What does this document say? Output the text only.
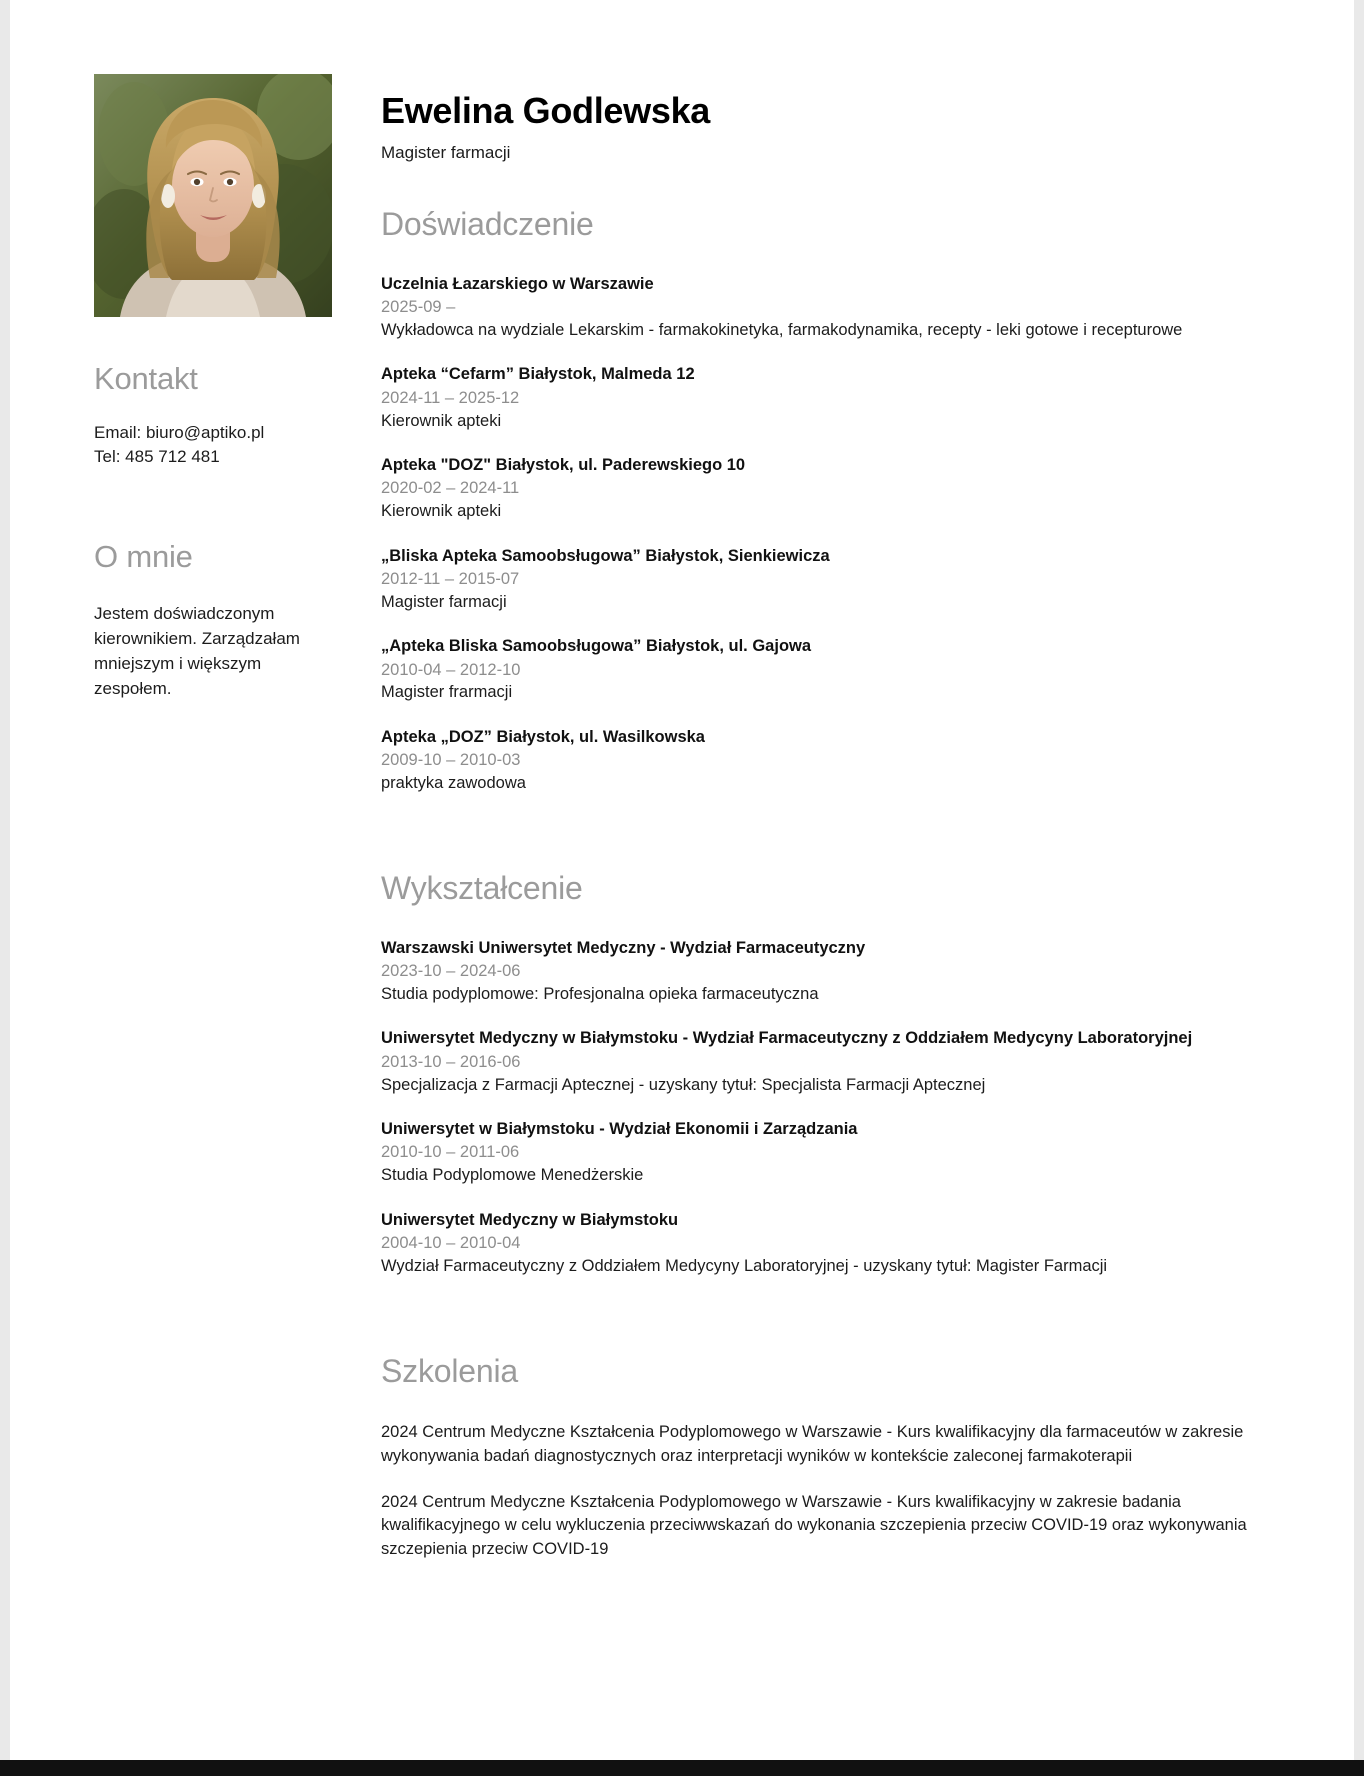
Kontakt
Email: biuro@aptiko.pl
Tel: 485 712 481
O mnie

Jestem doświadczonym kierownikiem. Zarządzałam mniejszym i większym zespołem.

Ewelina Godlewska
Magister farmacji
Doświadczenie
Uczelnia Łazarskiego w Warszawie
2025-09 –
Wykładowca na wydziale Lekarskim - farmakokinetyka, farmakodynamika, recepty - leki gotowe i recepturowe
Apteka “Cefarm” Białystok, Malmeda 12
2024-11 – 2025-12
Kierownik apteki
Apteka "DOZ" Białystok, ul. Paderewskiego 10
2020-02 – 2024-11
Kierownik apteki
„Bliska Apteka Samoobsługowa” Białystok, Sienkiewicza
2012-11 – 2015-07
Magister farmacji
„Apteka Bliska Samoobsługowa” Białystok, ul. Gajowa
2010-04 – 2012-10
Magister frarmacji
Apteka „DOZ” Białystok, ul. Wasilkowska
2009-10 – 2010-03
praktyka zawodowa
Wykształcenie
Warszawski Uniwersytet Medyczny - Wydział Farmaceutyczny
2023-10 – 2024-06
Studia podyplomowe: Profesjonalna opieka farmaceutyczna
Uniwersytet Medyczny w Białymstoku - Wydział Farmaceutyczny z Oddziałem Medycyny Laboratoryjnej
2013-10 – 2016-06
Specjalizacja z Farmacji Aptecznej - uzyskany tytuł: Specjalista Farmacji Aptecznej
Uniwersytet w Białymstoku - Wydział Ekonomii i Zarządzania
2010-10 – 2011-06
Studia Podyplomowe Menedżerskie
Uniwersytet Medyczny w Białymstoku
2004-10 – 2010-04
Wydział Farmaceutyczny z Oddziałem Medycyny Laboratoryjnej - uzyskany tytuł: Magister Farmacji
Szkolenia

2024 Centrum Medyczne Kształcenia Podyplomowego w Warszawie - Kurs kwalifikacyjny dla farmaceutów w zakresie wykonywania badań diagnostycznych oraz interpretacji wyników w kontekście zaleconej farmakoterapii

2024 Centrum Medyczne Kształcenia Podyplomowego w Warszawie - Kurs kwalifikacyjny w zakresie badania kwalifikacyjnego w celu wykluczenia przeciwwskazań do wykonania szczepienia przeciw COVID-19 oraz wykonywania szczepienia przeciw COVID-19
